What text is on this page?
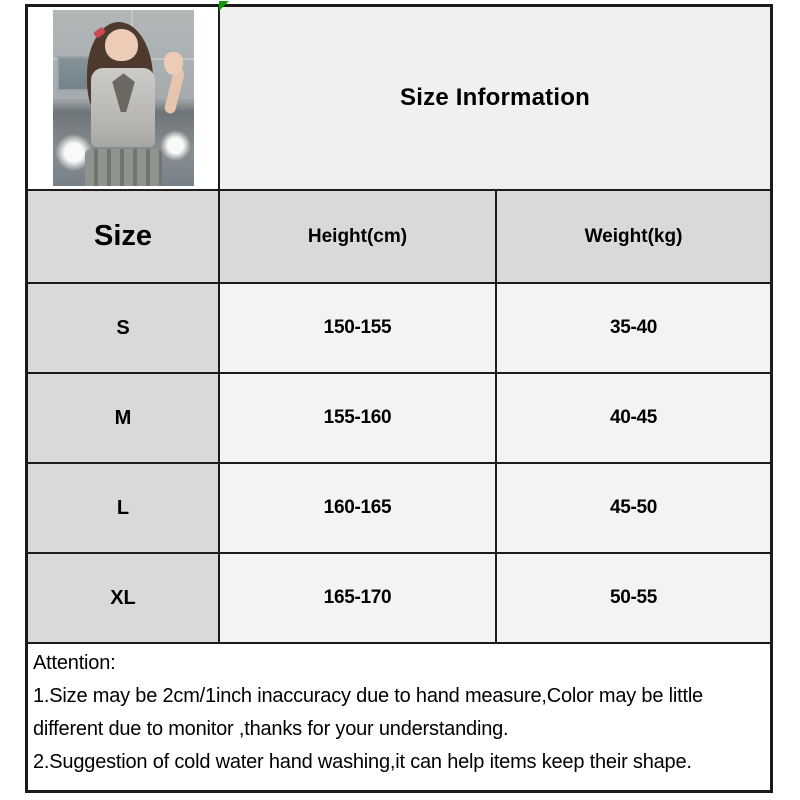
Size Information
Size	Height(cm)	Weight(kg)
S	150-155	35-40
M	155-160	40-45
L	160-165	45-50
XL	165-170	50-55
Attention:
1.Size may be 2cm/1inch inaccuracy due to hand measure,Color may be little different due to monitor ,thanks for your understanding.
2.Suggestion of cold water hand washing,it can help items keep their shape.
